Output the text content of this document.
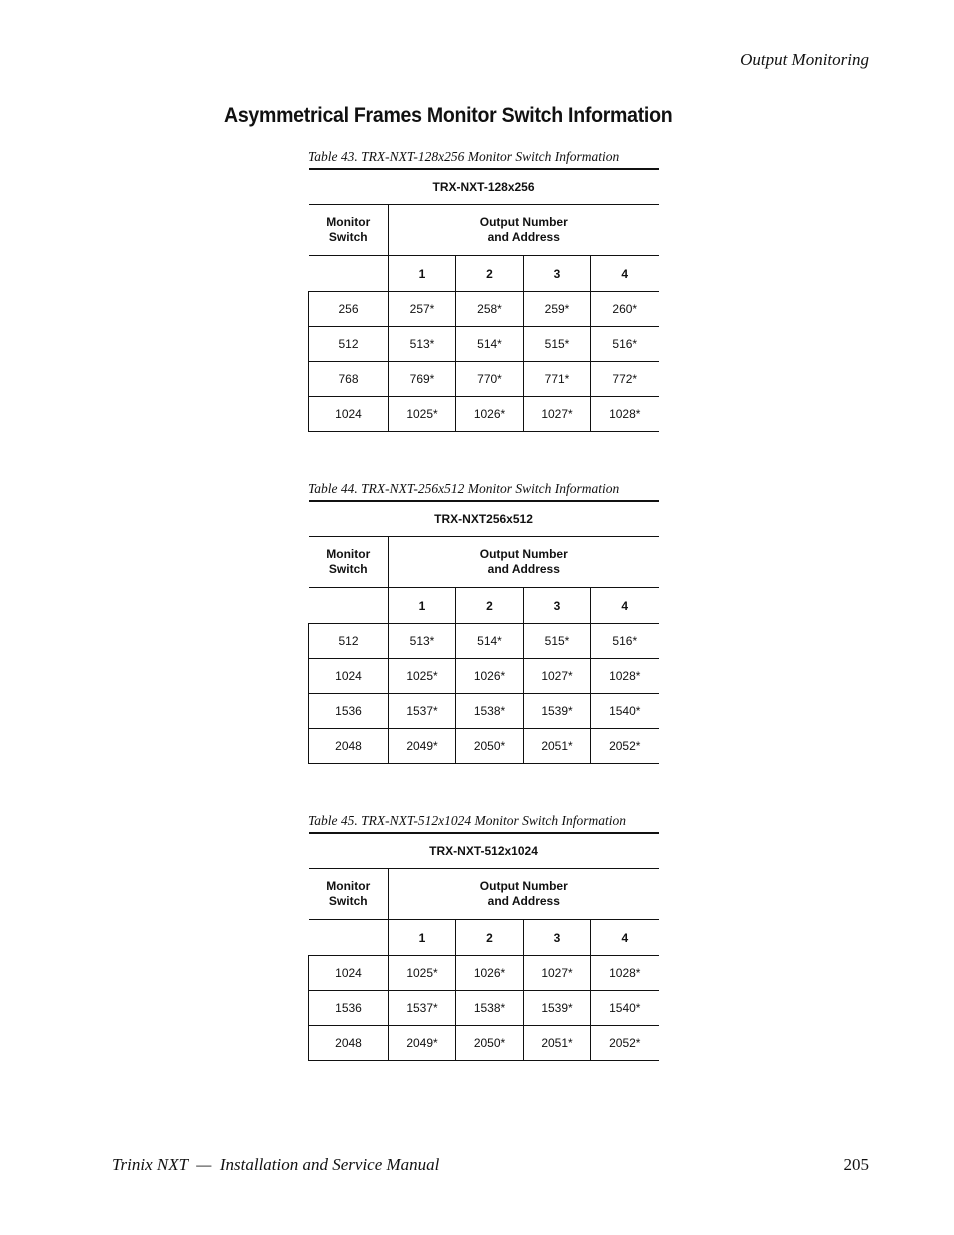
Output Monitoring
Asymmetrical Frames Monitor Switch Information
Table 43. TRX-NXT-128x256 Monitor Switch Information
TRX-NXT-128x256				

Monitor
Switch	Output Number
and Address			

	1	2	3	4
256	257*	258*	259*	260*
512	513*	514*	515*	516*
768	769*	770*	771*	772*
1024	1025*	1026*	1027*	1028*
Table 44. TRX-NXT-256x512 Monitor Switch Information
TRX-NXT256x512				

Monitor
Switch	Output Number
and Address			

	1	2	3	4
512	513*	514*	515*	516*
1024	1025*	1026*	1027*	1028*
1536	1537*	1538*	1539*	1540*
2048	2049*	2050*	2051*	2052*
Table 45. TRX-NXT-512x1024 Monitor Switch Information
TRX-NXT-512x1024				

Monitor
Switch	Output Number
and Address			

	1	2	3	4
1024	1025*	1026*	1027*	1028*
1536	1537*	1538*	1539*	1540*
2048	2049*	2050*	2051*	2052*
Trinix NXT  —  Installation and Service Manual	205
